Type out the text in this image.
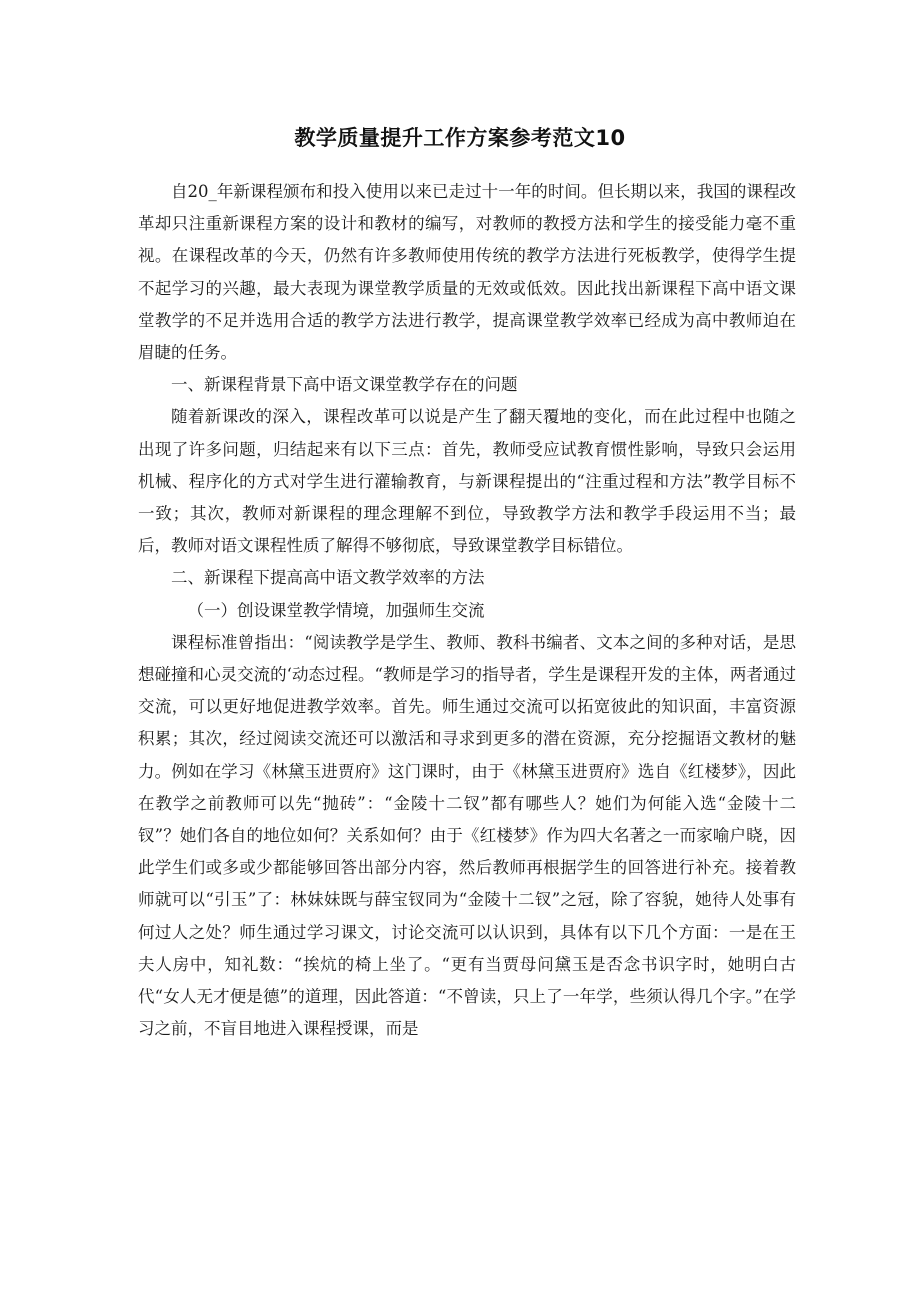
教学质量提升工作方案参考范文10

自20_年新课程颁布和投入使用以来已走过十一年的时间。但长期以来，我国的课程改革却只注重新课程方案的设计和教材的编写，对教师的教授方法和学生的接受能力毫不重视。在课程改革的今天，仍然有许多教师使用传统的教学方法进行死板教学，使得学生提不起学习的兴趣，最大表现为课堂教学质量的无效或低效。因此找出新课程下高中语文课堂教学的不足并选用合适的教学方法进行教学，提高课堂教学效率已经成为高中教师迫在眉睫的任务。

一、新课程背景下高中语文课堂教学存在的问题

随着新课改的深入，课程改革可以说是产生了翻天覆地的变化，而在此过程中也随之出现了许多问题，归结起来有以下三点：首先，教师受应试教育惯性影响，导致只会运用机械、程序化的方式对学生进行灌输教育，与新课程提出的“注重过程和方法”教学目标不一致；其次，教师对新课程的理念理解不到位，导致教学方法和教学手段运用不当；最后，教师对语文课程性质了解得不够彻底，导致课堂教学目标错位。

二、新课程下提高高中语文教学效率的方法

（一）创设课堂教学情境，加强师生交流

课程标准曾指出：“阅读教学是学生、教师、教科书编者、文本之间的多种对话，是思想碰撞和心灵交流的‘动态过程。“教师是学习的指导者，学生是课程开发的主体，两者通过交流，可以更好地促进教学效率。首先。师生通过交流可以拓宽彼此的知识面，丰富资源积累；其次，经过阅读交流还可以激活和寻求到更多的潜在资源，充分挖掘语文教材的魅力。例如在学习《林黛玉进贾府》这门课时，由于《林黛玉进贾府》选自《红楼梦》，因此在教学之前教师可以先“抛砖”：“金陵十二钗”都有哪些人？她们为何能入选“金陵十二钗”？她们各自的地位如何？关系如何？由于《红楼梦》作为四大名著之一而家喻户晓，因此学生们或多或少都能够回答出部分内容，然后教师再根据学生的回答进行补充。接着教师就可以“引玉”了：林妹妹既与薛宝钗同为“金陵十二钗”之冠，除了容貌，她待人处事有何过人之处？师生通过学习课文，讨论交流可以认识到，具体有以下几个方面：一是在王夫人房中，知礼数：“挨炕的椅上坐了。“更有当贾母问黛玉是否念书识字时，她明白古代“女人无才便是德”的道理，因此答道：“不曾读，只上了一年学，些须认得几个字。”在学习之前，不盲目地进入课程授课，而是
